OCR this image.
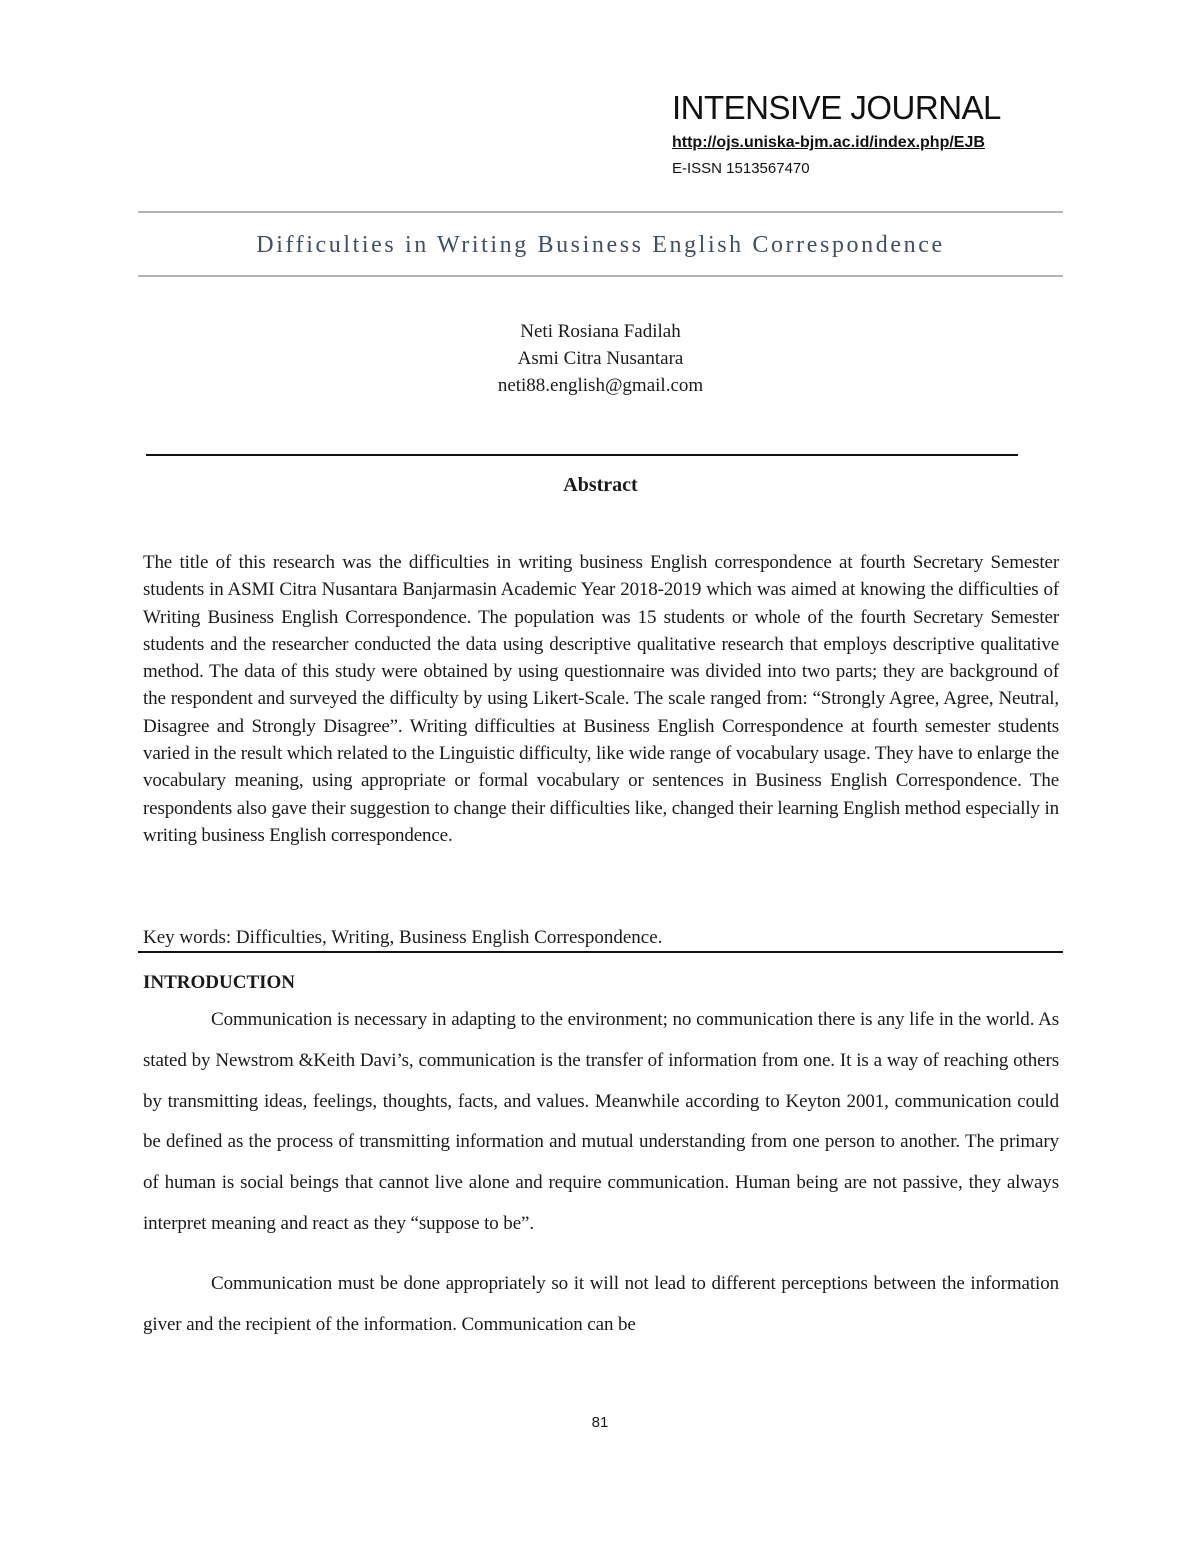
INTENSIVE JOURNAL
http://ojs.uniska-bjm.ac.id/index.php/EJB
E-ISSN 1513567470
Difficulties in Writing Business English Correspondence
Neti Rosiana Fadilah
Asmi Citra Nusantara
neti88.english@gmail.com
Abstract
The title of this research was the difficulties in writing business English correspondence at fourth Secretary Semester students in ASMI Citra Nusantara Banjarmasin Academic Year 2018-2019 which was aimed at knowing the difficulties of Writing Business English Correspondence. The population was 15 students or whole of the fourth Secretary Semester students and the researcher conducted the data using descriptive qualitative research that employs descriptive qualitative method. The data of this study were obtained by using questionnaire was divided into two parts; they are background of the respondent and surveyed the difficulty by using Likert-Scale. The scale ranged from: “Strongly Agree, Agree, Neutral, Disagree and Strongly Disagree”. Writing difficulties at Business English Correspondence at fourth semester students varied in the result which related to the Linguistic difficulty, like wide range of vocabulary usage. They have to enlarge the vocabulary meaning, using appropriate or formal vocabulary or sentences in Business English Correspondence. The respondents also gave their suggestion to change their difficulties like, changed their learning English method especially in writing business English correspondence.
Key words: Difficulties, Writing, Business English Correspondence.
INTRODUCTION

Communication is necessary in adapting to the environment; no communication there is any life in the world. As stated by Newstrom &Keith Davi’s, communication is the transfer of information from one. It is a way of reaching others by transmitting ideas, feelings, thoughts, facts, and values. Meanwhile according to Keyton 2001, communication could be defined as the process of transmitting information and mutual understanding from one person to another. The primary of human is social beings that cannot live alone and require communication. Human being are not passive, they always interpret meaning and react as they “suppose to be”.

Communication must be done appropriately so it will not lead to different perceptions between the information giver and the recipient of the information. Communication can be

81
